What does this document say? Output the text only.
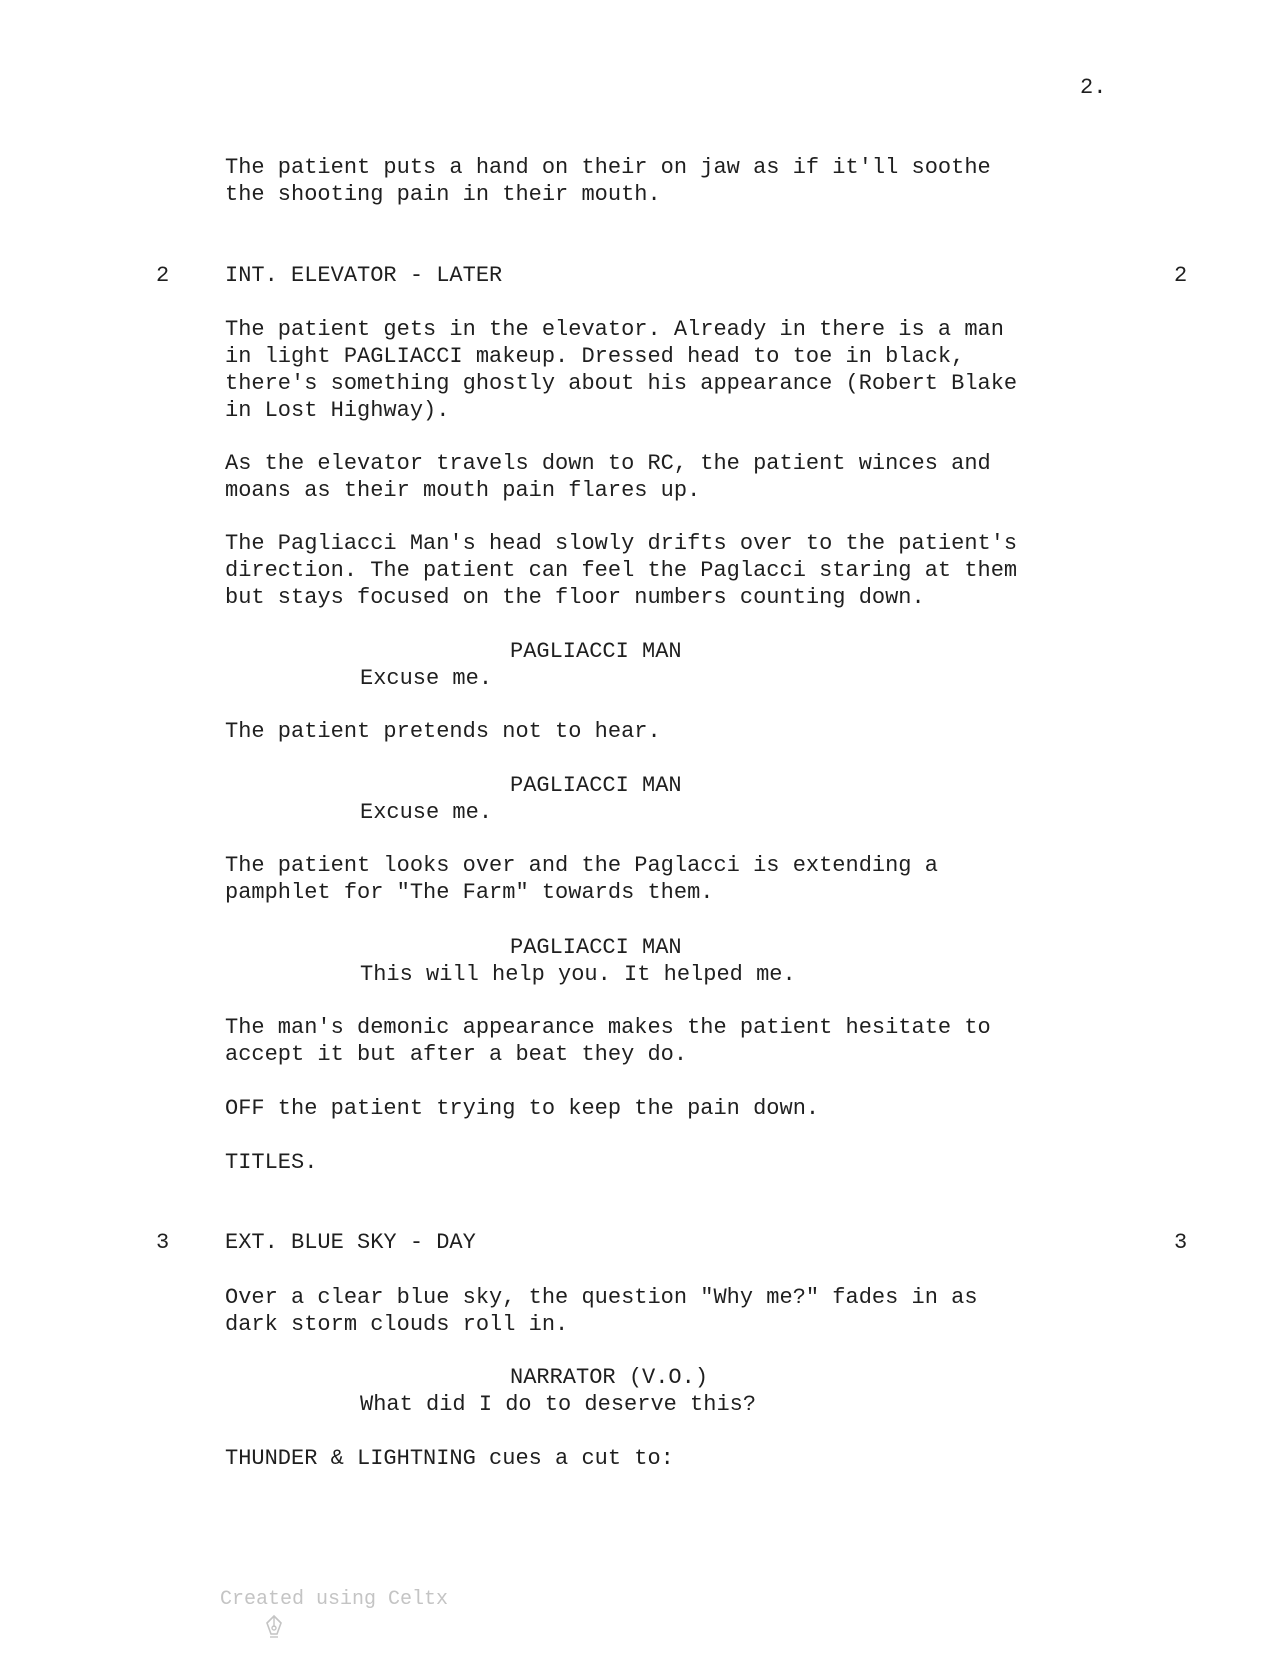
2.
The patient puts a hand on their on jaw as if it'll soothe
the shooting pain in their mouth.
2	INT. ELEVATOR - LATER	2
The patient gets in the elevator. Already in there is a man
in light PAGLIACCI makeup. Dressed head to toe in black,
there's something ghostly about his appearance (Robert Blake
in Lost Highway).
As the elevator travels down to RC, the patient winces and
moans as their mouth pain flares up.
The Pagliacci Man's head slowly drifts over to the patient's
direction. The patient can feel the Paglacci staring at them
but stays focused on the floor numbers counting down.
PAGLIACCI MAN
Excuse me.
The patient pretends not to hear.
PAGLIACCI MAN
Excuse me.
The patient looks over and the Paglacci is extending a
pamphlet for "The Farm" towards them.
PAGLIACCI MAN
This will help you. It helped me.
The man's demonic appearance makes the patient hesitate to
accept it but after a beat they do.
OFF the patient trying to keep the pain down.
TITLES.
3	EXT. BLUE SKY - DAY	3
Over a clear blue sky, the question "Why me?" fades in as
dark storm clouds roll in.
NARRATOR (V.O.)
What did I do to deserve this?
THUNDER & LIGHTNING cues a cut to:

Created using Celtx
